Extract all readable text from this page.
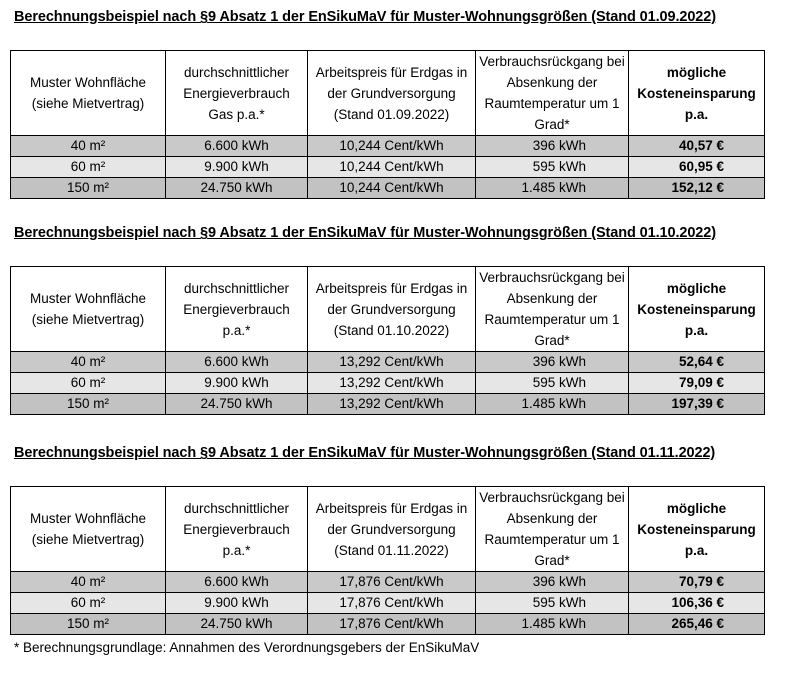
Berechnungsbeispiel nach §9 Absatz 1 der EnSikuMaV für Muster-Wohnungsgrößen (Stand 01.09.2022)
Muster Wohnfläche (siehe Mietvertrag)	durchschnittlicher Energieverbrauch Gas p.a.*	Arbeitspreis für Erdgas in der Grundversorgung (Stand 01.09.2022)	Verbrauchsrückgang bei Absenkung der Raumtemperatur um 1 Grad*	mögliche Kosteneinsparung p.a.
40 m²	6.600 kWh	10,244 Cent/kWh	396 kWh	40,57 €
60 m²	9.900 kWh	10,244 Cent/kWh	595 kWh	60,95 €
150 m²	24.750 kWh	10,244 Cent/kWh	1.485 kWh	152,12 €
Berechnungsbeispiel nach §9 Absatz 1 der EnSikuMaV für Muster-Wohnungsgrößen (Stand 01.10.2022)
Muster Wohnfläche (siehe Mietvertrag)	durchschnittlicher Energieverbrauch p.a.*	Arbeitspreis für Erdgas in der Grundversorgung (Stand 01.10.2022)	Verbrauchsrückgang bei Absenkung der Raumtemperatur um 1 Grad*	mögliche Kosteneinsparung p.a.
40 m²	6.600 kWh	13,292 Cent/kWh	396 kWh	52,64 €
60 m²	9.900 kWh	13,292 Cent/kWh	595 kWh	79,09 €
150 m²	24.750 kWh	13,292 Cent/kWh	1.485 kWh	197,39 €
Berechnungsbeispiel nach §9 Absatz 1 der EnSikuMaV für Muster-Wohnungsgrößen (Stand 01.11.2022)
Muster Wohnfläche (siehe Mietvertrag)	durchschnittlicher Energieverbrauch p.a.*	Arbeitspreis für Erdgas in der Grundversorgung (Stand 01.11.2022)	Verbrauchsrückgang bei Absenkung der Raumtemperatur um 1 Grad*	mögliche Kosteneinsparung p.a.
40 m²	6.600 kWh	17,876 Cent/kWh	396 kWh	70,79 €
60 m²	9.900 kWh	17,876 Cent/kWh	595 kWh	106,36 €
150 m²	24.750 kWh	17,876 Cent/kWh	1.485 kWh	265,46 €

* Berechnungsgrundlage: Annahmen des Verordnungsgebers der EnSikuMaV
